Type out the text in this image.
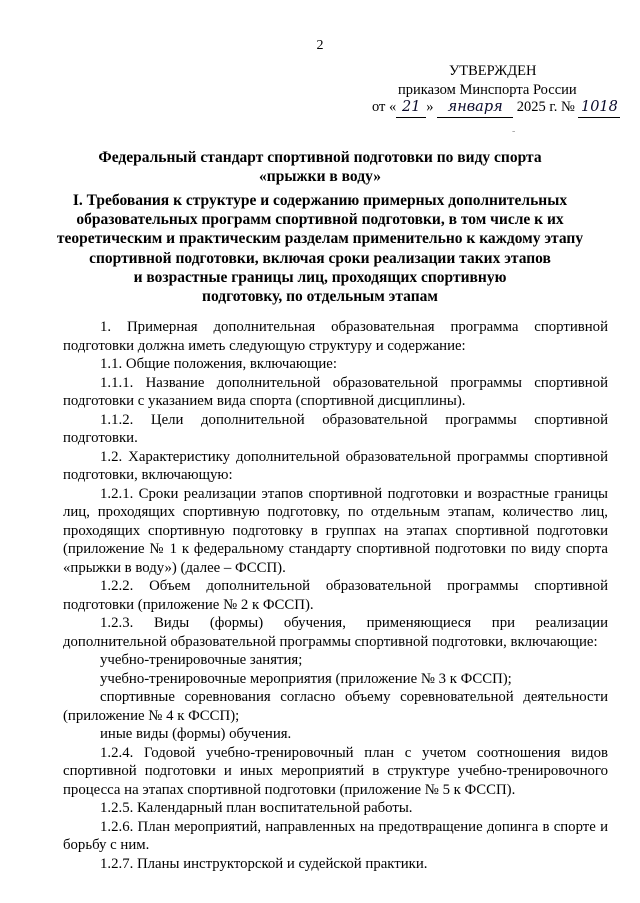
2
УТВЕРЖДЕН
приказом Минспорта России
от « 21 » января 2025 г. № 1018
-
Федеральный стандарт спортивной подготовки по виду спорта
«прыжки в воду»
I. Требования к структуре и содержанию примерных дополнительных
образовательных программ спортивной подготовки, в том числе к их
теоретическим и практическим разделам применительно к каждому этапу
спортивной подготовки, включая сроки реализации таких этапов
и возрастные границы лиц, проходящих спортивную
подготовку, по отдельным этапам

1. Примерная дополнительная образовательная программа спортивной подготовки должна иметь следующую структуру и содержание:

1.1. Общие положения, включающие:

1.1.1. Название дополнительной образовательной программы спортивной подготовки с указанием вида спорта (спортивной дисциплины).

1.1.2. Цели дополнительной образовательной программы спортивной подготовки.

1.2. Характеристику дополнительной образовательной программы спортивной подготовки, включающую:

1.2.1. Сроки реализации этапов спортивной подготовки и возрастные границы лиц, проходящих спортивную подготовку, по отдельным этапам, количество лиц, проходящих спортивную подготовку в группах на этапах спортивной подготовки (приложение № 1 к федеральному стандарту спортивной подготовки по виду спорта «прыжки в воду») (далее – ФССП).

1.2.2. Объем дополнительной образовательной программы спортивной подготовки (приложение № 2 к ФССП).

1.2.3. Виды (формы) обучения, применяющиеся при реализации дополнительной образовательной программы спортивной подготовки, включающие:

учебно-тренировочные занятия;

учебно-тренировочные мероприятия (приложение № 3 к ФССП);

спортивные соревнования согласно объему соревновательной деятельности (приложение № 4 к ФССП);

иные виды (формы) обучения.

1.2.4. Годовой учебно-тренировочный план с учетом соотношения видов спортивной подготовки и иных мероприятий в структуре учебно-тренировочного процесса на этапах спортивной подготовки (приложение № 5 к ФССП).

1.2.5. Календарный план воспитательной работы.

1.2.6. План мероприятий, направленных на предотвращение допинга в спорте и борьбу с ним.

1.2.7. Планы инструкторской и судейской практики.
